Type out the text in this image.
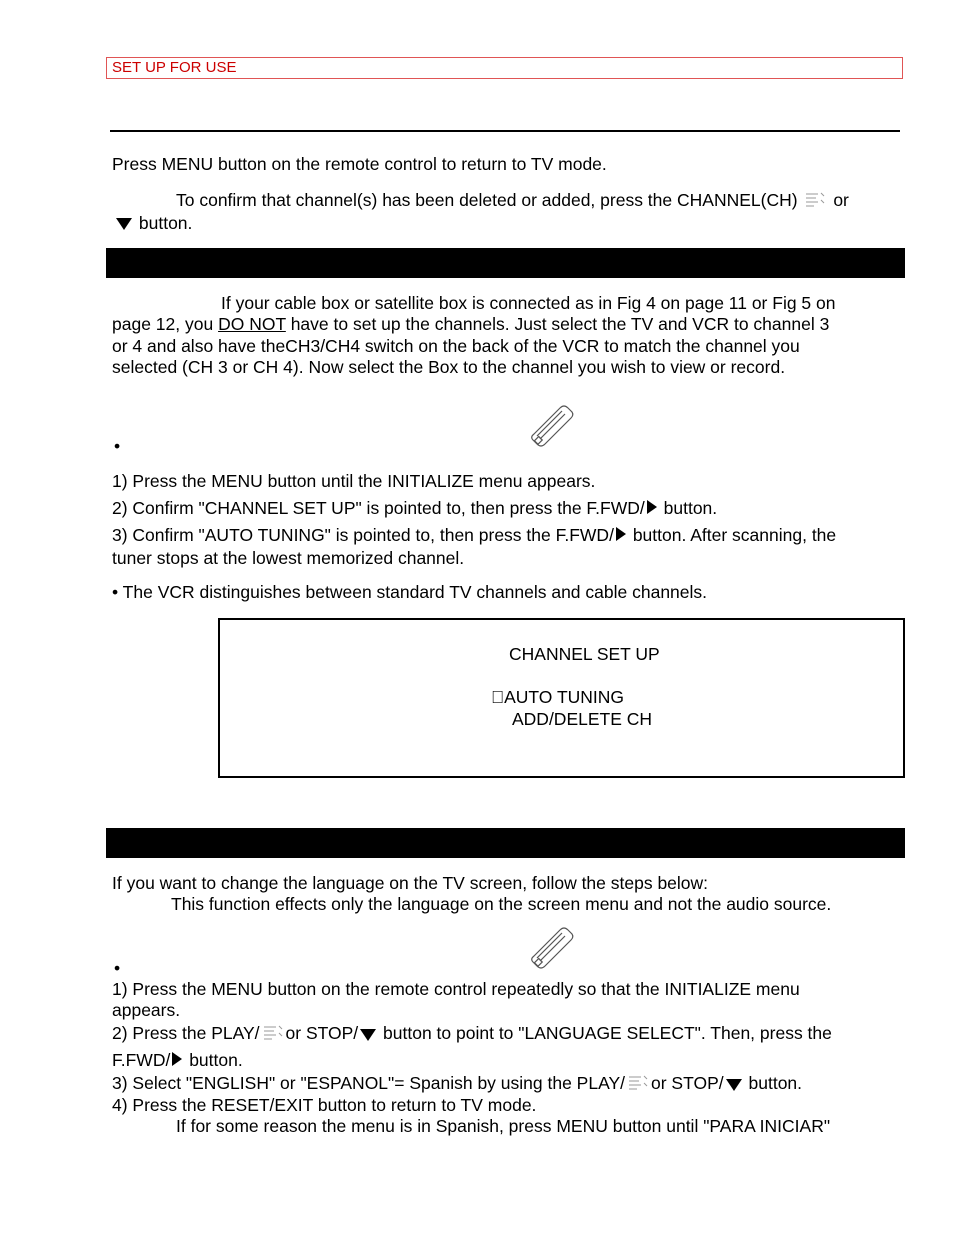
SET UP FOR USE
Press MENU button on the remote control to return to TV mode.
To confirm that channel(s) has been deleted or added, press the CHANNEL(CH) or
button.
If your cable box or satellite box is connected as in Fig 4 on page 11 or Fig 5 on
page 12, you DO NOT have to set up the channels. Just select the TV and VCR to channel 3
or 4 and also have theCH3/CH4 switch on the back of the VCR to match the channel you
selected (CH 3 or CH 4). Now select the Box to the channel you wish to view or record.
•
1) Press the MENU button until the INITIALIZE menu appears.
2) Confirm "CHANNEL SET UP" is pointed to, then press the F.FWD/ button.
3) Confirm "AUTO TUNING" is pointed to, then press the F.FWD/ button. After scanning, the
tuner stops at the lowest memorized channel.
• The VCR distinguishes between standard TV channels and cable channels.
CHANNEL SET UP
AUTO TUNING
ADD/DELETE CH
If you want to change the language on the TV screen, follow the steps below:
This function effects only the language on the screen menu and not the audio source.
•
1) Press the MENU button on the remote control repeatedly so that the INITIALIZE menu
appears.
2) Press the PLAY/ or STOP/ button to point to "LANGUAGE SELECT". Then, press the
F.FWD/ button.
3) Select "ENGLISH" or "ESPANOL"= Spanish by using the PLAY/ or STOP/ button.
4) Press the RESET/EXIT button to return to TV mode.
If for some reason the menu is in Spanish, press MENU button until "PARA INICIAR"
